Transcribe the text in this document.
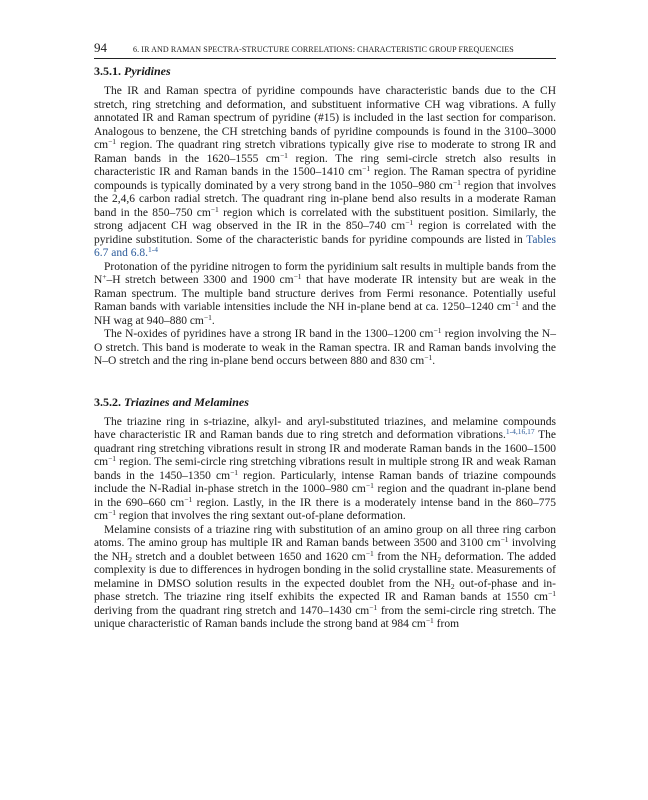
94	6. IR AND RAMAN SPECTRA-STRUCTURE CORRELATIONS: CHARACTERISTIC GROUP FREQUENCIES
3.5.1. Pyridines

The IR and Raman spectra of pyridine compounds have characteristic bands due to the CH stretch, ring stretching and deformation, and substituent informative CH wag vibrations. A fully annotated IR and Raman spectrum of pyridine (#15) is included in the last section for comparison. Analogous to benzene, the CH stretching bands of pyridine compounds is found in the 3100–3000 $cm^{-1}$ region. The quadrant ring stretch vibrations typically give rise to moderate to strong IR and Raman bands in the 1620–1555 $cm^{-1}$ region. The ring semi-circle stretch also results in characteristic IR and Raman bands in the 1500–1410 $cm^{-1}$ region. The Raman spectra of pyridine compounds is typically dominated by a very strong band in the 1050–980 $cm^{-1}$ region that involves the 2,4,6 carbon radial stretch. The quadrant ring in-plane bend also results in a moderate Raman band in the 850–750 $cm^{-1}$ region which is correlated with the substituent position. Similarly, the strong adjacent CH wag observed in the IR in the 850–740 $cm^{-1}$ region is correlated with the pyridine substitution. Some of the characteristic bands for pyridine compounds are listed in Tables 6.7 and 6.8.$^{1-4}$

Protonation of the pyridine nitrogen to form the pyridinium salt results in multiple bands from the N+–H stretch between 3300 and 1900 $cm^{-1}$ that have moderate IR intensity but are weak in the Raman spectrum. The multiple band structure derives from Fermi resonance. Potentially useful Raman bands with variable intensities include the NH in-plane bend at ca. 1250–1240 $cm^{-1}$ and the NH wag at 940–880 $cm^{-1}$.

The N-oxides of pyridines have a strong IR band in the 1300–1200 $cm^{-1}$ region involving the N–O stretch. This band is moderate to weak in the Raman spectra. IR and Raman bands involving the N–O stretch and the ring in-plane bend occurs between 880 and 830 $cm^{-1}$.

3.5.2. Triazines and Melamines

The triazine ring in s-triazine, alkyl- and aryl-substituted triazines, and melamine compounds have characteristic IR and Raman bands due to ring stretch and deformation vibrations.$^{1-4,16,17}$ The quadrant ring stretching vibrations result in strong IR and moderate Raman bands in the 1600–1500 $cm^{-1}$ region. The semi-circle ring stretching vibrations result in multiple strong IR and weak Raman bands in the 1450–1350 $cm^{-1}$ region. Particularly, intense Raman bands of triazine compounds include the N-Radial in-phase stretch in the 1000–980 $cm^{-1}$ region and the quadrant in-plane bend in the 690–660 $cm^{-1}$ region. Lastly, in the IR there is a moderately intense band in the 860–775 $cm^{-1}$ region that involves the ring sextant out-of-plane deformation.

Melamine consists of a triazine ring with substitution of an amino group on all three ring carbon atoms. The amino group has multiple IR and Raman bands between 3500 and 3100 $cm^{-1}$ involving the $NH_2$ stretch and a doublet between 1650 and 1620 $cm^{-1}$ from the $NH_2$ deformation. The added complexity is due to differences in hydrogen bonding in the solid crystalline state. Measurements of melamine in DMSO solution results in the expected doublet from the $NH_2$ out-of-phase and in-phase stretch. The triazine ring itself exhibits the expected IR and Raman bands at 1550 $cm^{-1}$ deriving from the quadrant ring stretch and 1470–1430 $cm^{-1}$ from the semi-circle ring stretch. The unique characteristic of Raman bands include the strong band at 984 $cm^{-1}$ from
